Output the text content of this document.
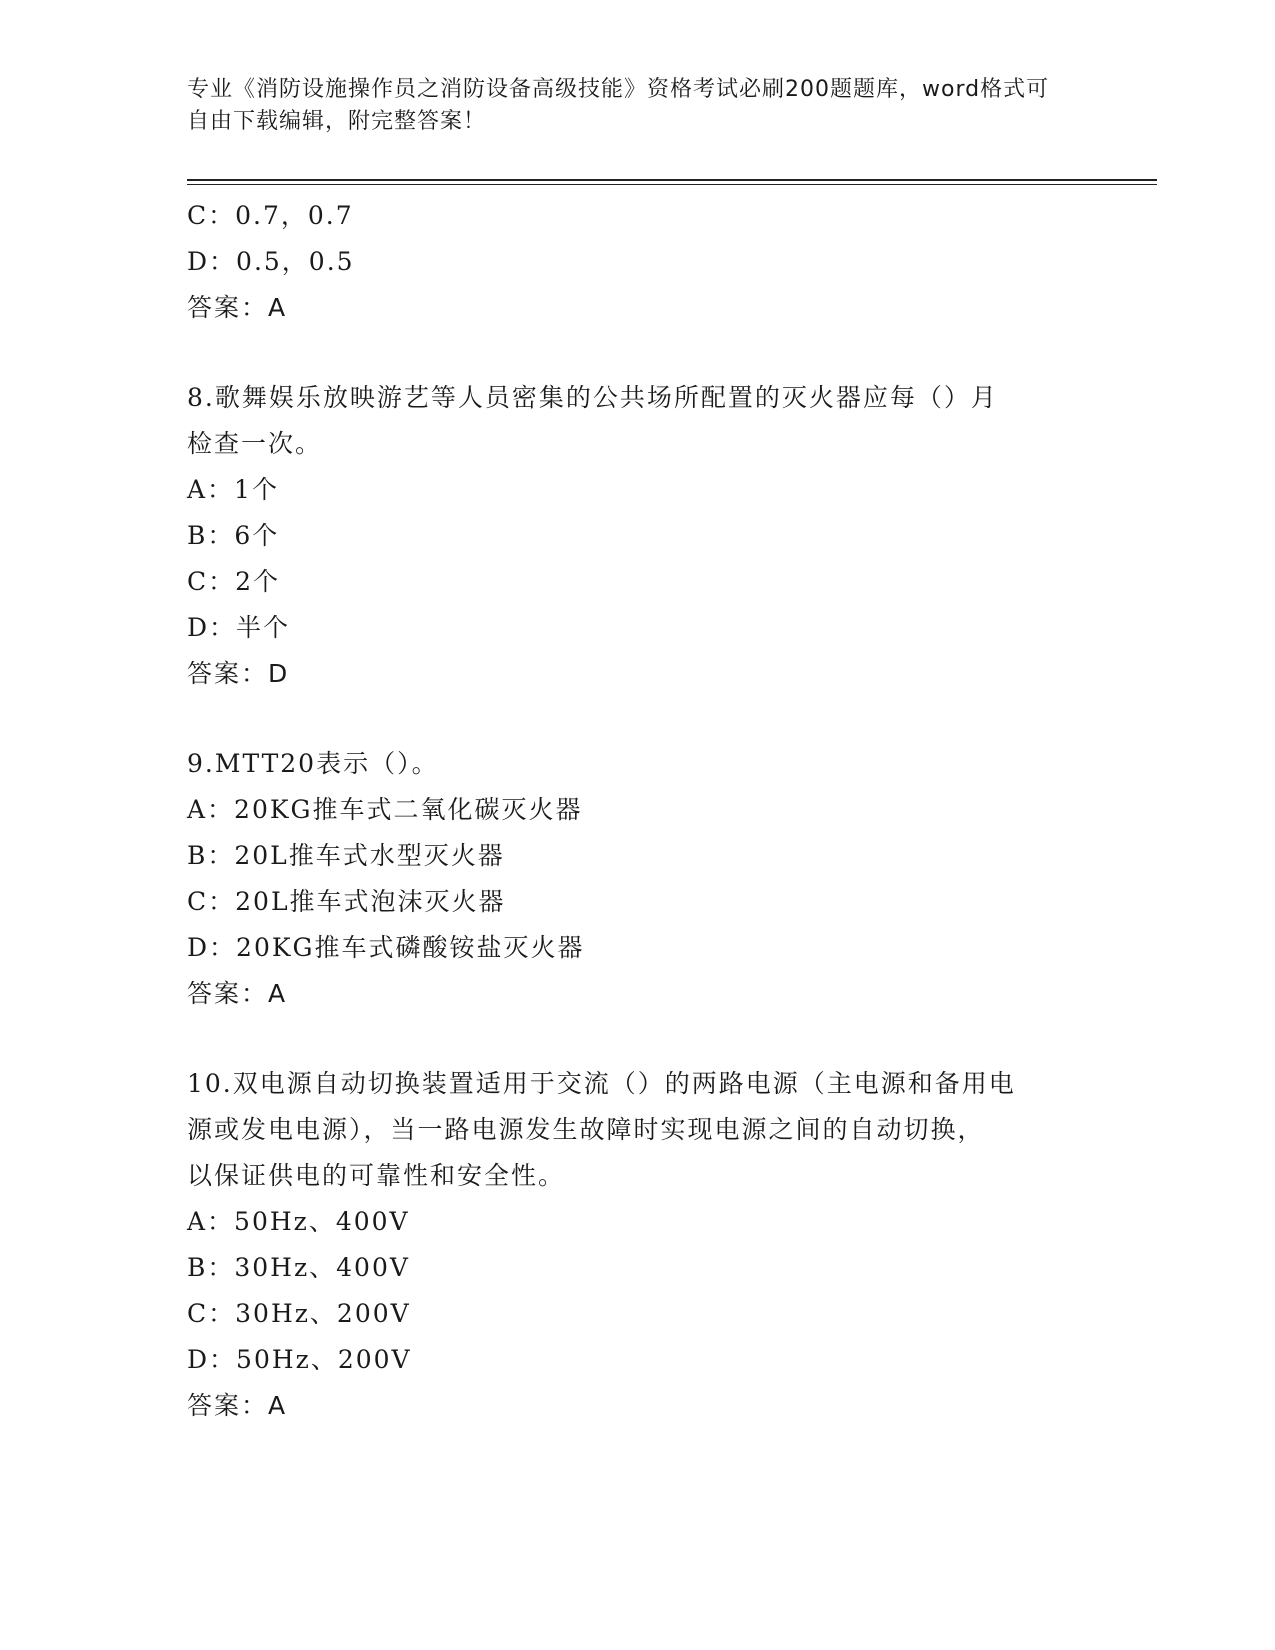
专业《消防设施操作员之消防设备高级技能》资格考试必刷200题题库，word格式可自由下载编辑，附完整答案！
C：0.7，0.7
D：0.5，0.5
答案：A
8.歌舞娱乐放映游艺等人员密集的公共场所配置的灭火器应每（）月
检查一次。
A：1个
B：6个
C：2个
D：半个
答案：D
9.MTT20表示（）。
A：20KG推车式二氧化碳灭火器
B：20L推车式水型灭火器
C：20L推车式泡沫灭火器
D：20KG推车式磷酸铵盐灭火器
答案：A
10.双电源自动切换装置适用于交流（）的两路电源（主电源和备用电
源或发电电源），当一路电源发生故障时实现电源之间的自动切换，
以保证供电的可靠性和安全性。
A：50Hz、400V
B：30Hz、400V
C：30Hz、200V
D：50Hz、200V
答案：A
